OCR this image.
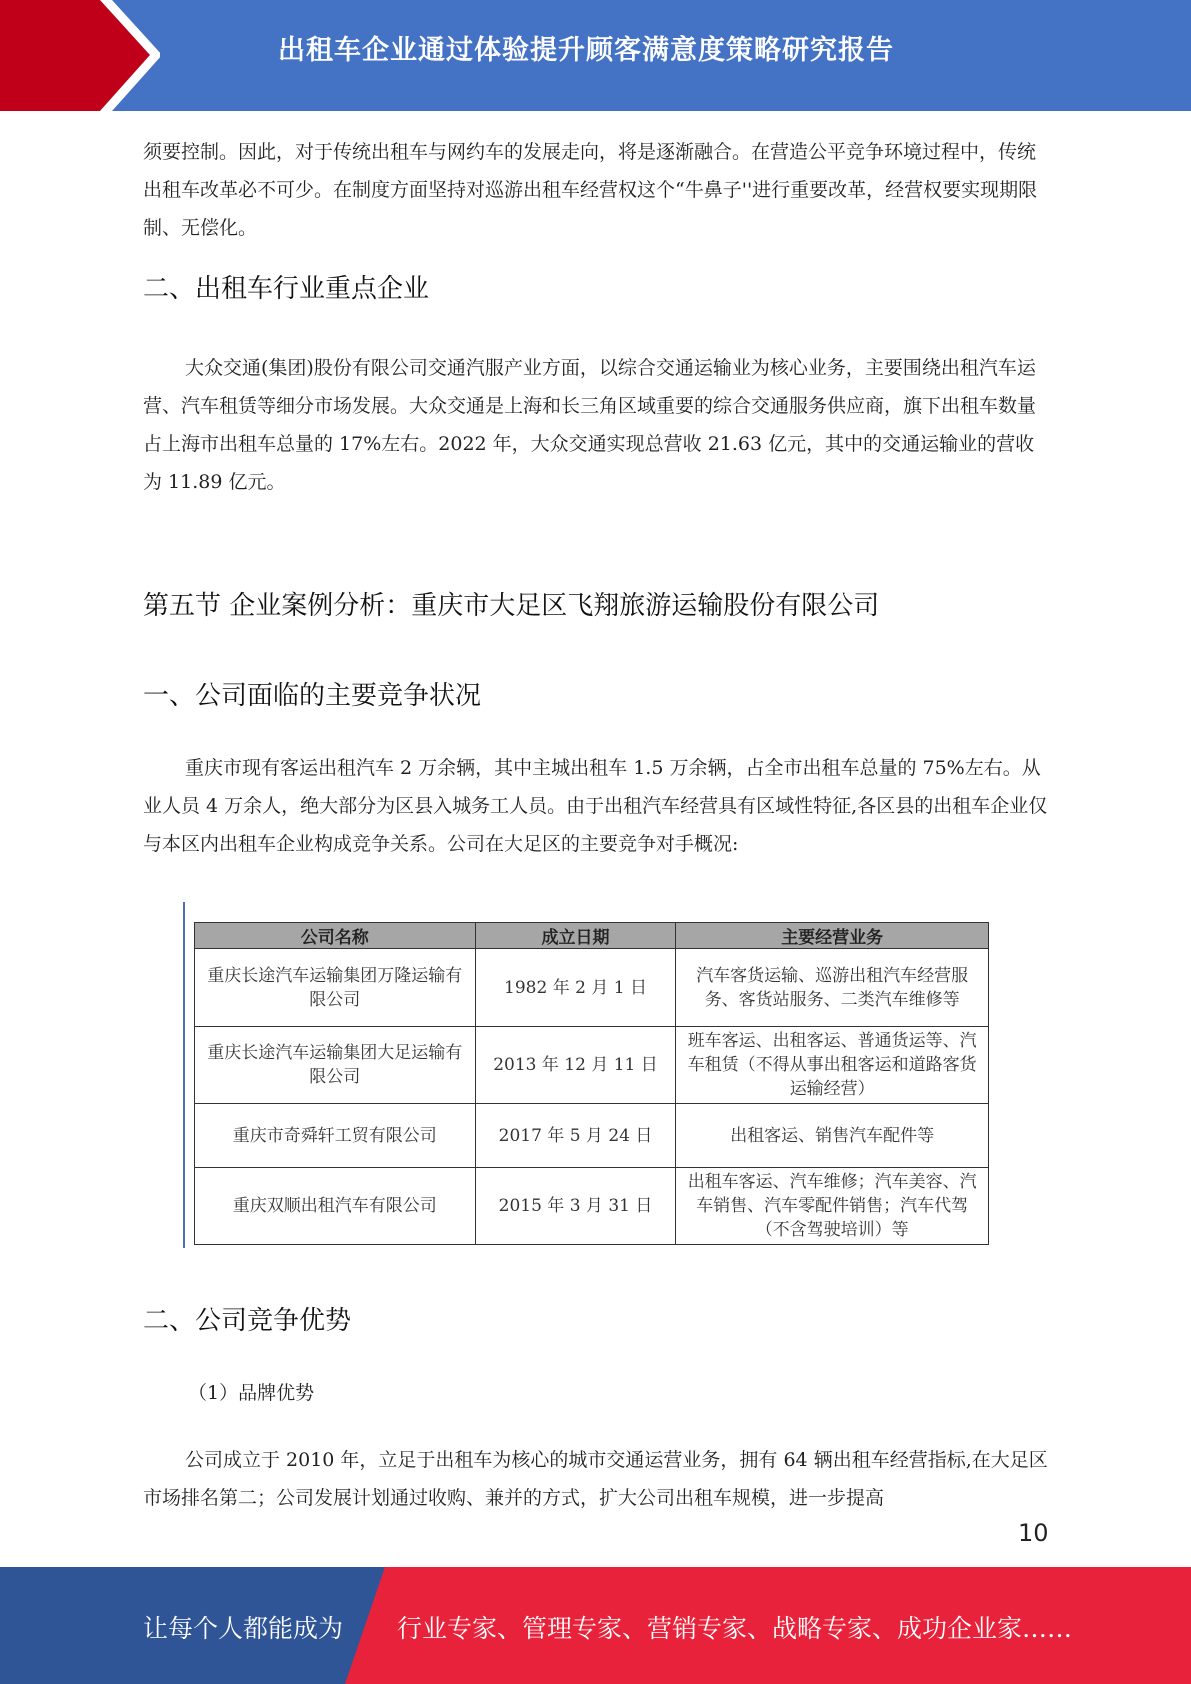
出租车企业通过体验提升顾客满意度策略研究报告

须要控制。因此，对于传统出租车与网约车的发展走向，将是逐渐融合。在营造公平竞争环境过程中，传统出租车改革必不可少。在制度方面坚持对巡游出租车经营权这个“牛鼻子''进行重要改革，经营权要实现期限制、无偿化。

二、出租车行业重点企业

大众交通(集团)股份有限公司交通汽服产业方面，以综合交通运输业为核心业务，主要围绕出租汽车运营、汽车租赁等细分市场发展。大众交通是上海和长三角区域重要的综合交通服务供应商，旗下出租车数量占上海市出租车总量的 17%左右。2022 年，大众交通实现总营收 21.63 亿元，其中的交通运输业的营收为 11.89 亿元。

第五节 企业案例分析：重庆市大足区飞翔旅游运输股份有限公司
一、公司面临的主要竞争状况

重庆市现有客运出租汽车 2 万余辆，其中主城出租车 1.5 万余辆，占全市出租车总量的 75%左右。从业人员 4 万余人，绝大部分为区县入城务工人员。由于出租汽车经营具有区域性特征,各区县的出租车企业仅与本区内出租车企业构成竞争关系。公司在大足区的主要竞争对手概况:

公司名称	成立日期	主要经营业务
重庆长途汽车运输集团万隆运输有限公司	1982 年 2 月 1 日	汽车客货运输、巡游出租汽车经营服务、客货站服务、二类汽车维修等
重庆长途汽车运输集团大足运输有限公司	2013 年 12 月 11 日	班车客运、出租客运、普通货运等、汽车租赁（不得从事出租客运和道路客货运输经营）
重庆市奇舜轩工贸有限公司	2017 年 5 月 24 日	出租客运、销售汽车配件等
重庆双顺出租汽车有限公司	2015 年 3 月 31 日	出租车客运、汽车维修；汽车美容、汽车销售、汽车零配件销售；汽车代驾（不含驾驶培训）等
二、公司竞争优势
（1）品牌优势

公司成立于 2010 年，立足于出租车为核心的城市交通运营业务，拥有 64 辆出租车经营指标,在大足区市场排名第二；公司发展计划通过收购、兼并的方式，扩大公司出租车规模，进一步提高

10
让每个人都能成为 行业专家、管理专家、营销专家、战略专家、成功企业家……
